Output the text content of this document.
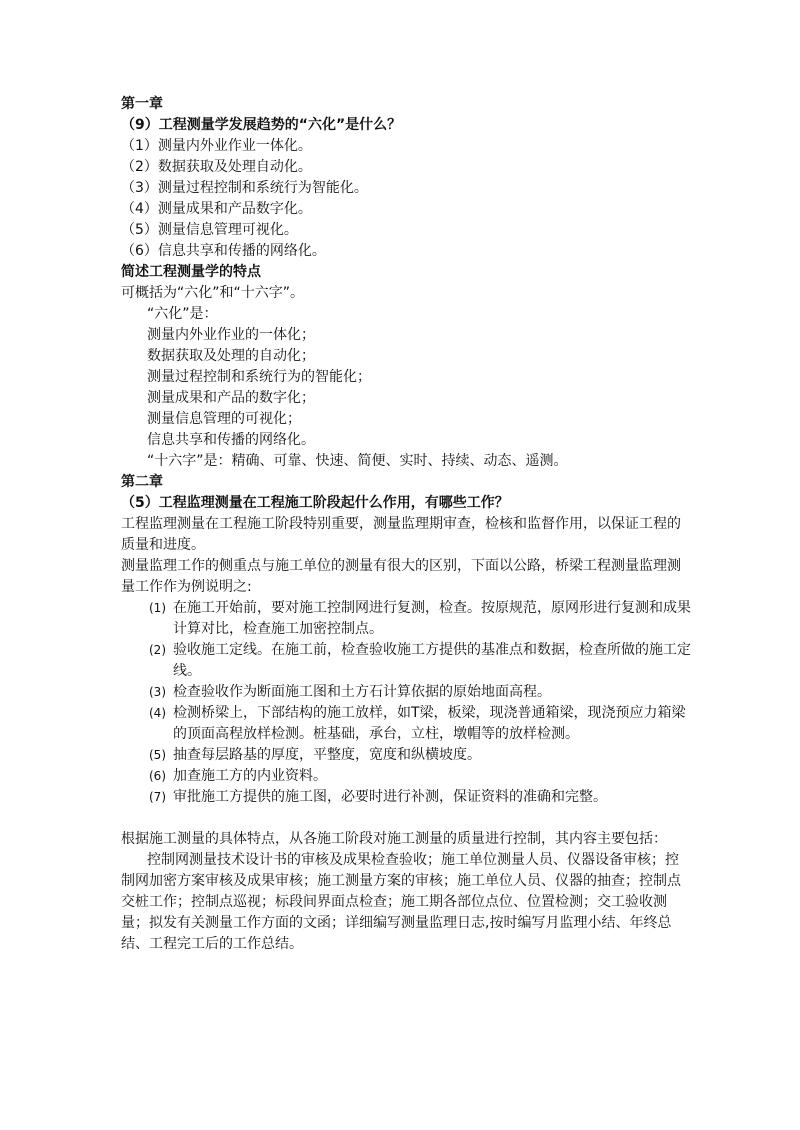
第一章
（9）工程测量学发展趋势的“六化”是什么？
（1）测量内外业作业一体化。
（2）数据获取及处理自动化。
（3）测量过程控制和系统行为智能化。
（4）测量成果和产品数字化。
（5）测量信息管理可视化。
（6）信息共享和传播的网络化。
简述工程测量学的特点
可概括为“六化”和“十六字”。
“六化”是：
测量内外业作业的一体化；
数据获取及处理的自动化；
测量过程控制和系统行为的智能化；
测量成果和产品的数字化；
测量信息管理的可视化；
信息共享和传播的网络化。
“十六字”是：精确、可靠、快速、简便、实时、持续、动态、遥测。
第二章
（5）工程监理测量在工程施工阶段起什么作用，有哪些工作？
工程监理测量在工程施工阶段特别重要，测量监理期审查，检核和监督作用，以保证工程的质量和进度。
测量监理工作的侧重点与施工单位的测量有很大的区别，下面以公路，桥梁工程测量监理测量工作作为例说明之:
(1) 在施工开始前，要对施工控制网进行复测，检查。按原规范，原网形进行复测和成果计算对比，检查施工加密控制点。
(2) 验收施工定线。在施工前，检查验收施工方提供的基准点和数据，检查所做的施工定线。
(3) 检查验收作为断面施工图和土方石计算依据的原始地面高程。
(4) 检测桥梁上，下部结构的施工放样，如T梁，板梁，现浇普通箱梁，现浇预应力箱梁的顶面高程放样检测。桩基础，承台，立柱，墩帽等的放样检测。
(5) 抽查每层路基的厚度，平整度，宽度和纵横坡度。
(6) 加查施工方的内业资料。
(7) 审批施工方提供的施工图，必要时进行补测，保证资料的准确和完整。
根据施工测量的具体特点，从各施工阶段对施工测量的质量进行控制，其内容主要包括：
控制网测量技术设计书的审核及成果检查验收；施工单位测量人员、仪器设备审核；控制网加密方案审核及成果审核；施工测量方案的审核；施工单位人员、仪器的抽查；控制点交桩工作；控制点巡视；标段间界面点检查；施工期各部位点位、位置检测；交工验收测量；拟发有关测量工作方面的文函；详细编写测量监理日志,按时编写月监理小结、年终总结、工程完工后的工作总结。
